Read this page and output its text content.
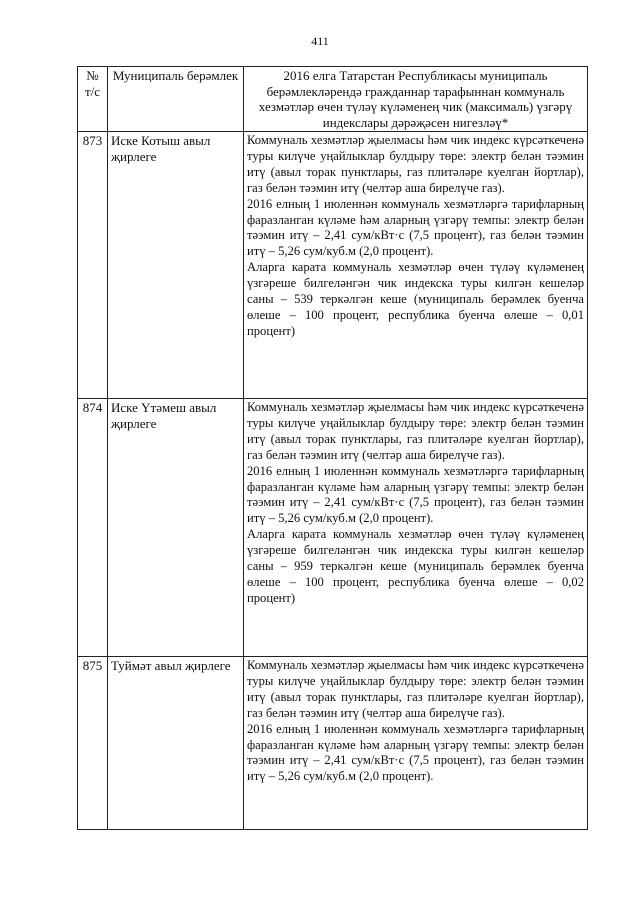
411
№ т/с	Муниципаль берәмлек	2016 елга Татарстан Республикасы муниципаль берәмлекләрендә гражданнар тарафыннан коммуналь хезмәтләр өчен түләү күләменең чик (максималь) үзгәрү индекслары дәрәҗәсен нигезләү*
873	Иске Котыш авыл җирлеге	Коммуналь хезмәтләр җыелмасы һәм чик индекс күрсәткеченә туры килүче уңайлыклар булдыру төре: электр белән тәэмин итү (авыл торак пунктлары, газ плитәләре куелган йортлар), газ белән тәэмин итү (челтәр аша бирелүче газ).

2016 елның 1 июленнән коммуналь хезмәтләргә тарифларның фаразланган күләме һәм аларның үзгәрү темпы: электр белән тәэмин итү – 2,41 сум/кВт·с (7,5 процент), газ белән тәэмин итү – 5,26 сум/куб.м (2,0 процент).

Аларга карата коммуналь хезмәтләр өчен түләү күләменең үзгәреше билгеләнгән чик индекска туры килгән кешеләр саны – 539 теркәлгән кеше (муниципаль берәмлек буенча өлеше – 100 процент, республика буенча өлеше – 0,01 процент)

874	Иске Үтәмеш авыл җирлеге	Коммуналь хезмәтләр җыелмасы һәм чик индекс күрсәткеченә туры килүче уңайлыклар булдыру төре: электр белән тәэмин итү (авыл торак пунктлары, газ плитәләре куелган йортлар), газ белән тәэмин итү (челтәр аша бирелүче газ).

2016 елның 1 июленнән коммуналь хезмәтләргә тарифларның фаразланган күләме һәм аларның үзгәрү темпы: электр белән тәэмин итү – 2,41 сум/кВт·с (7,5 процент), газ белән тәэмин итү – 5,26 сум/куб.м (2,0 процент).

Аларга карата коммуналь хезмәтләр өчен түләү күләменең үзгәреше билгеләнгән чик индекска туры килгән кешеләр саны – 959 теркәлгән кеше (муниципаль берәмлек буенча өлеше – 100 процент, республика буенча өлеше – 0,02 процент)

875	Туймәт авыл җирлеге	Коммуналь хезмәтләр җыелмасы һәм чик индекс күрсәткеченә туры килүче уңайлыклар булдыру төре: электр белән тәэмин итү (авыл торак пунктлары, газ плитәләре куелган йортлар), газ белән тәэмин итү (челтәр аша бирелүче газ).

2016 елның 1 июленнән коммуналь хезмәтләргә тарифларның фаразланган күләме һәм аларның үзгәрү темпы: электр белән тәэмин итү – 2,41 сум/кВт·с (7,5 процент), газ белән тәэмин итү – 5,26 сум/куб.м (2,0 процент).
